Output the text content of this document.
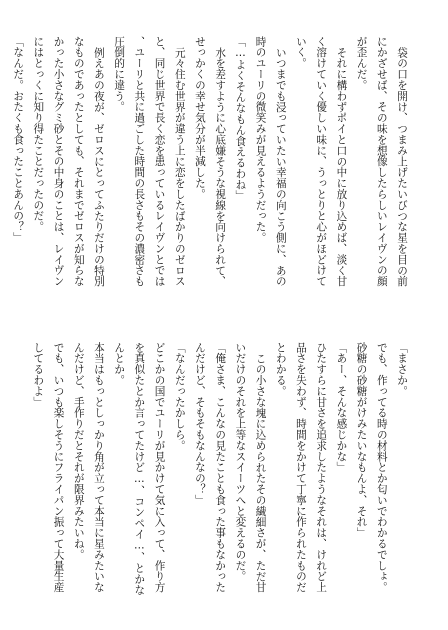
袋の口を開け、つまみ上げたいびつな星を目の前にかざせば、その味を想像したらしいレイヴンの顔が歪んだ。

それに構わずポイと口の中に放り込めば、淡く甘く溶けていく優しい味に、うっとりと心がほどけていく。

いつまでも浸っていたい幸福の向こう側に、あの時のユーリの微笑みが見えるようだった。

「…よくそんなもん食えるわね」

水を差すように心底嫌そうな視線を向けられて、せっかくの幸せ気分が半減した。

元々住む世界が違う上に恋をしたばかりのゼロスと、同じ世界で長く恋を患っているレイヴンとでは、ユーリと共に過ごした時間の長さもその濃密さも圧倒的に違う。

例えあの夜が、ゼロスにとってふたりだけの特別なものであったとしても、それまでゼロスが知らなかった小さなグミ砂とその中身のことは、レイヴンにはとっくに知り得たことだったのだ。

「なんだ。おたくも食ったことあんの？」

「まさか。

でも、作ってる時の材料とか匂いでわかるでしょ。砂糖の砂糖がけみたいなもんよ、それ」

「あー、そんな感じかな」

ひたすらに甘さを追求したようなそれは、けれど上品さを失わず、時間をかけて丁寧に作られたものだとわかる。

この小さな塊に込められたその繊細さが、ただ甘いだけのそれを上等なスイーツへと変えるのだ。

「俺さま、こんなの見たことも食った事もなかったんだけど、そもそもなんなの？」

「なんだったかしら。

どこかの国でユーリが見かけて気に入って、作り方を真似たとか言ってたけど…、コンペイ…、とかなんとか。

本当はもっとしっかり角が立って本当に星みたいなんだけど、手作りだとそれが限界みたいね。

でも、いつも楽しそうにフライパン振って大量生産してるわよ」
